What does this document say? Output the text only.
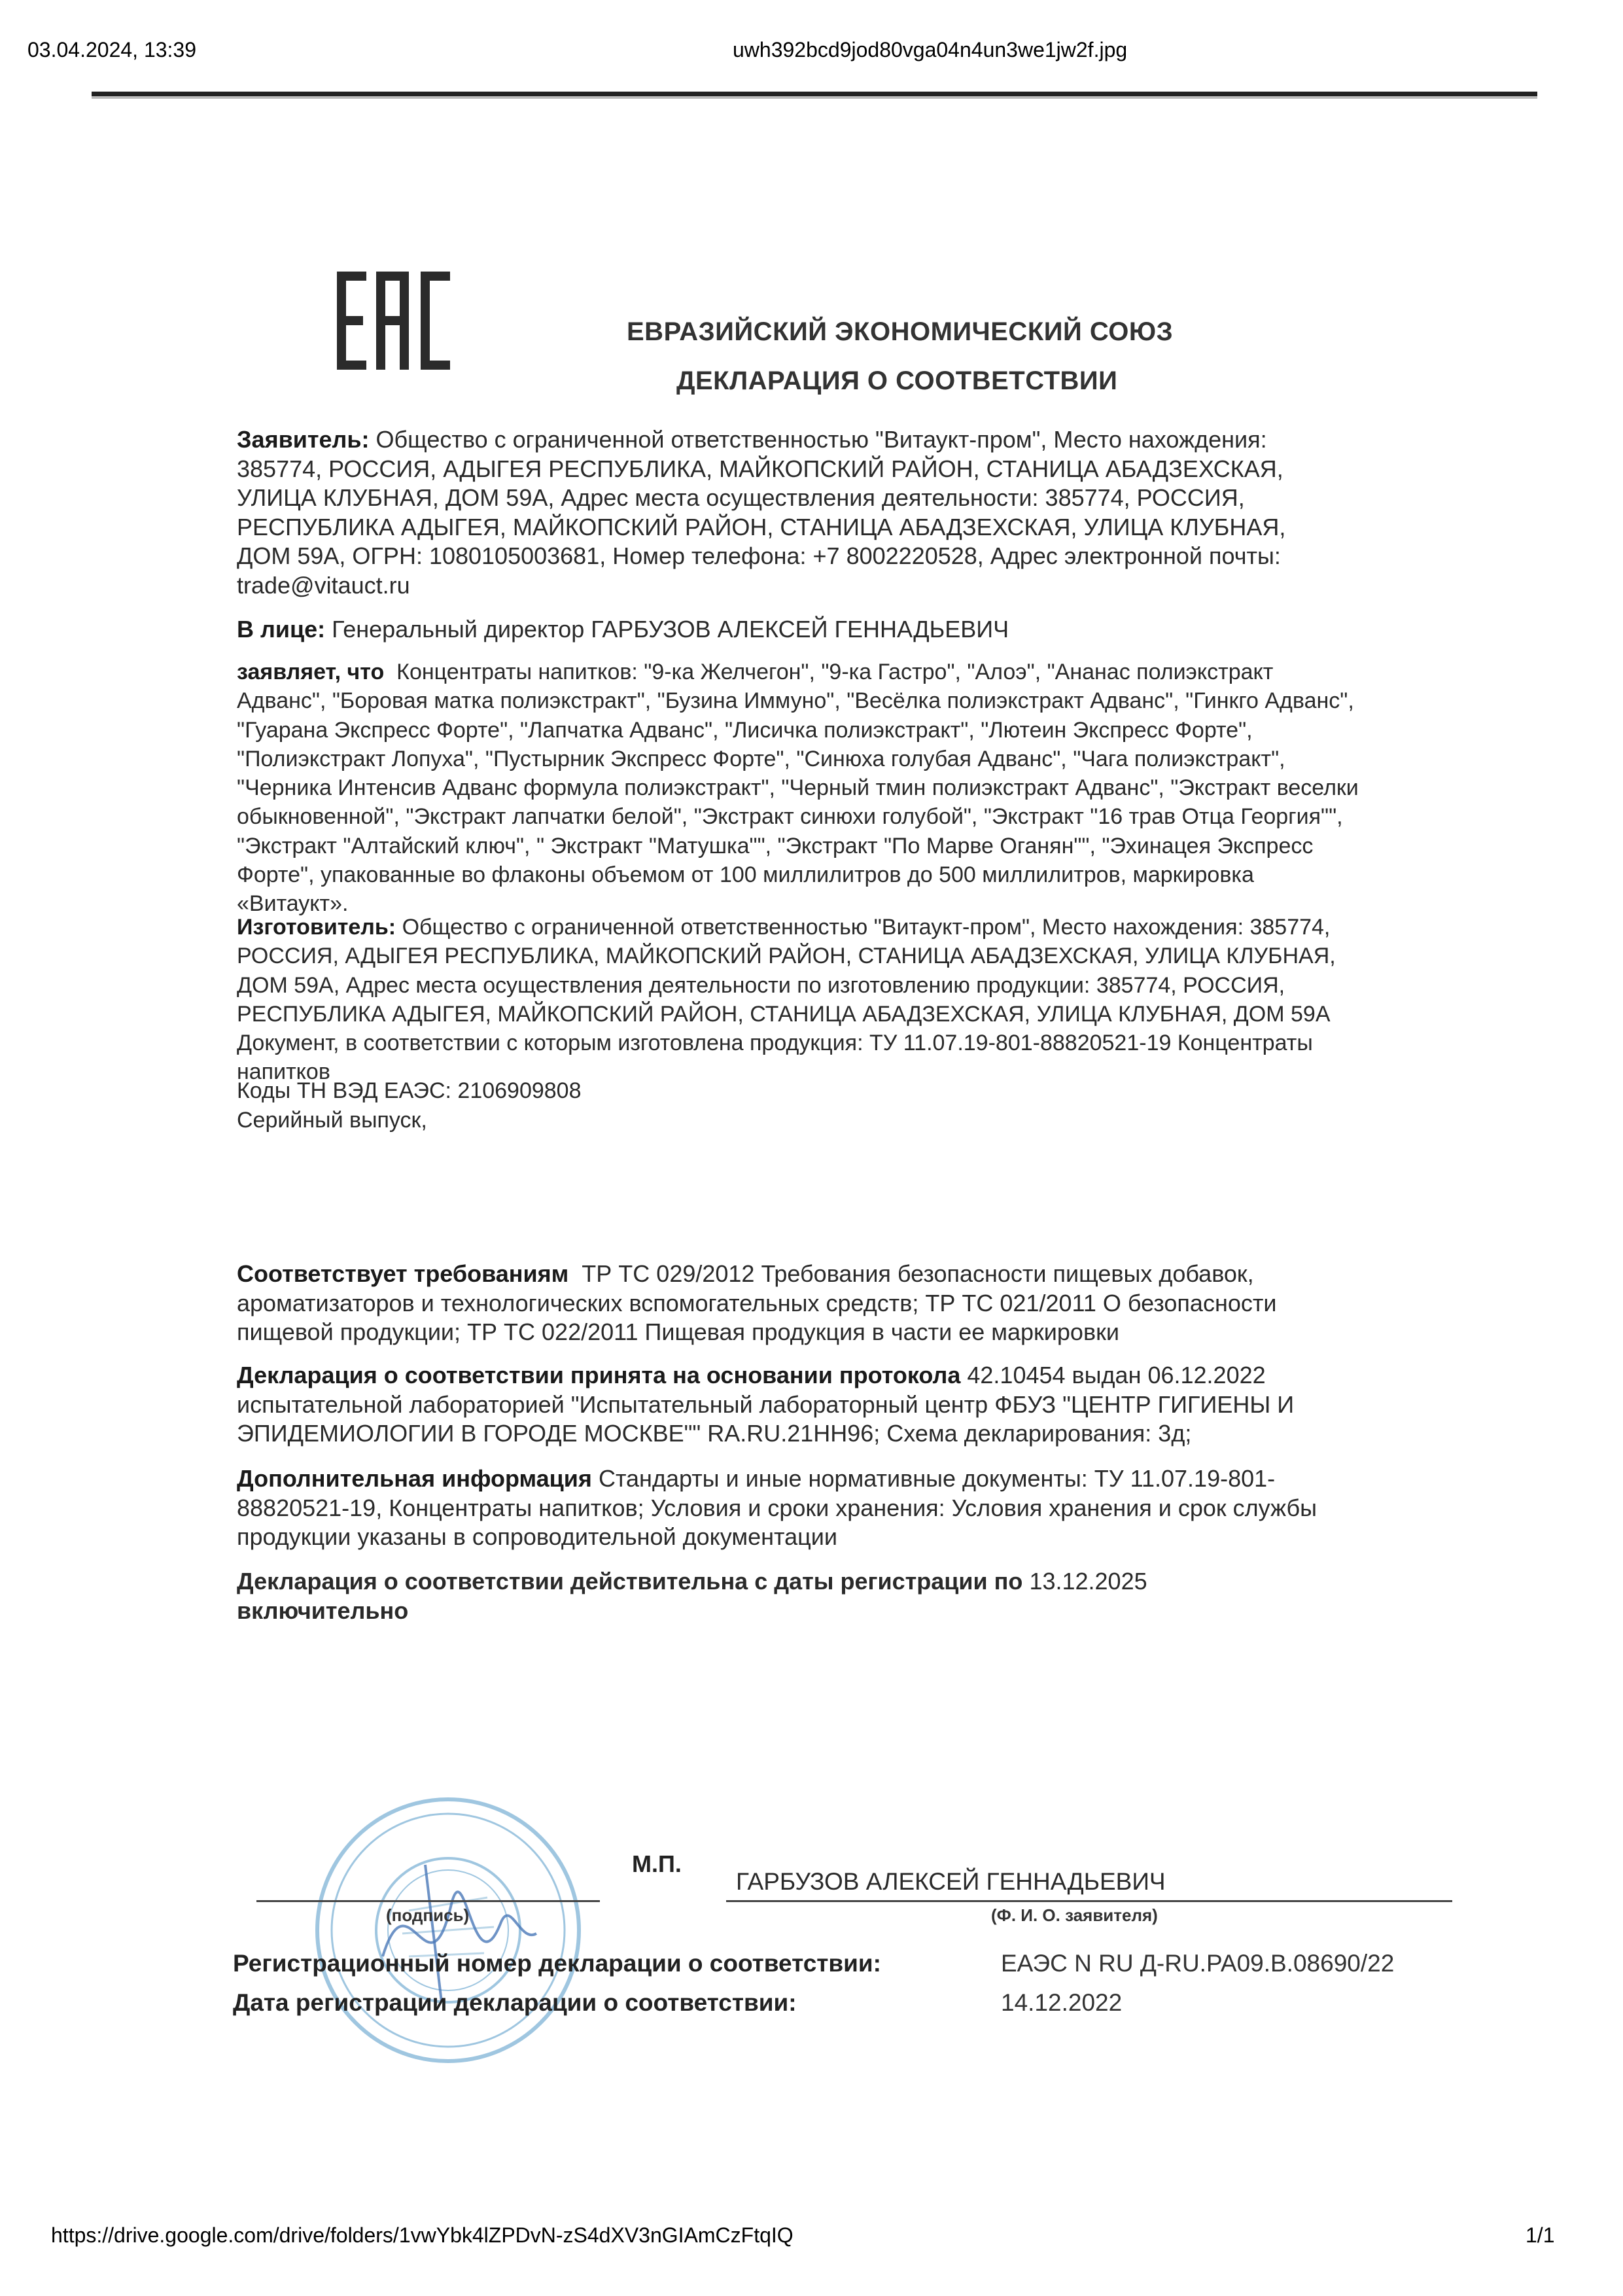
03.04.2024, 13:39	uwh392bcd9jod80vga04n4un3we1jw2f.jpg
ЕВРАЗИЙСКИЙ ЭКОНОМИЧЕСКИЙ СОЮЗ
ДЕКЛАРАЦИЯ О СООТВЕТСТВИИ
Заявитель: Общество с ограниченной ответственностью "Витаукт-пром", Место нахождения:
385774, РОССИЯ, АДЫГЕЯ РЕСПУБЛИКА, МАЙКОПСКИЙ РАЙОН, СТАНИЦА АБАДЗЕХСКАЯ,
УЛИЦА КЛУБНАЯ, ДОМ 59А, Адрес места осуществления деятельности: 385774, РОССИЯ,
РЕСПУБЛИКА АДЫГЕЯ, МАЙКОПСКИЙ РАЙОН, СТАНИЦА АБАДЗЕХСКАЯ, УЛИЦА КЛУБНАЯ,
ДОМ 59А, ОГРН: 1080105003681, Номер телефона: +7 8002220528, Адрес электронной почты:
trade@vitauct.ru
В лице: Генеральный директор ГАРБУЗОВ АЛЕКСЕЙ ГЕННАДЬЕВИЧ
заявляет, что Концентраты напитков: "9-ка Желчегон", "9-ка Гастро", "Алоэ", "Ананас полиэкстракт
Адванс", "Боровая матка полиэкстракт", "Бузина Иммуно", "Весёлка полиэкстракт Адванс", "Гинкго Адванс",
"Гуарана Экспресс Форте", "Лапчатка Адванс", "Лисичка полиэкстракт", "Лютеин Экспресс Форте",
"Полиэкстракт Лопуха", "Пустырник Экспресс Форте", "Синюха голубая Адванс", "Чага полиэкстракт",
"Черника Интенсив Адванс формула полиэкстракт", "Черный тмин полиэкстракт Адванс", "Экстракт веселки
обыкновенной", "Экстракт лапчатки белой", "Экстракт синюхи голубой", "Экстракт "16 трав Отца Георгия"",
"Экстракт "Алтайский ключ", " Экстракт "Матушка"", "Экстракт "По Марве Оганян"", "Эхинацея Экспресс
Форте", упакованные во флаконы объемом от 100 миллилитров до 500 миллилитров, маркировка
«Витаукт».
Изготовитель: Общество с ограниченной ответственностью "Витаукт-пром", Место нахождения: 385774,
РОССИЯ, АДЫГЕЯ РЕСПУБЛИКА, МАЙКОПСКИЙ РАЙОН, СТАНИЦА АБАДЗЕХСКАЯ, УЛИЦА КЛУБНАЯ,
ДОМ 59А, Адрес места осуществления деятельности по изготовлению продукции: 385774, РОССИЯ,
РЕСПУБЛИКА АДЫГЕЯ, МАЙКОПСКИЙ РАЙОН, СТАНИЦА АБАДЗЕХСКАЯ, УЛИЦА КЛУБНАЯ, ДОМ 59А
Документ, в соответствии с которым изготовлена продукция: ТУ 11.07.19-801-88820521-19 Концентраты
напитков
Коды ТН ВЭД ЕАЭС: 2106909808
Серийный выпуск,
Соответствует требованиям ТР ТС 029/2012 Требования безопасности пищевых добавок,
ароматизаторов и технологических вспомогательных средств; ТР ТС 021/2011 О безопасности
пищевой продукции; ТР ТС 022/2011 Пищевая продукция в части ее маркировки
Декларация о соответствии принята на основании протокола 42.10454 выдан 06.12.2022
испытательной лабораторией "Испытательный лабораторный центр ФБУЗ "ЦЕНТР ГИГИЕНЫ И
ЭПИДЕМИОЛОГИИ В ГОРОДЕ МОСКВЕ"" RA.RU.21НН96; Схема декларирования: 3д;
Дополнительная информация Стандарты и иные нормативные документы: ТУ 11.07.19-801-
88820521-19, Концентраты напитков; Условия и сроки хранения: Условия хранения и срок службы
продукции указаны в сопроводительной документации
Декларация о соответствии действительна с даты регистрации по 13.12.2025
включительно
М.П.
(подпись)
ГАРБУЗОВ АЛЕКСЕЙ ГЕННАДЬЕВИЧ
(Ф. И. О. заявителя)
Регистрационный номер декларации о соответствии:	ЕАЭС N RU Д-RU.PA09.B.08690/22
Дата регистрации декларации о соответствии:	14.12.2022
https://drive.google.com/drive/folders/1vwYbk4lZPDvN-zS4dXV3nGIAmCzFtqIQ	1/1
